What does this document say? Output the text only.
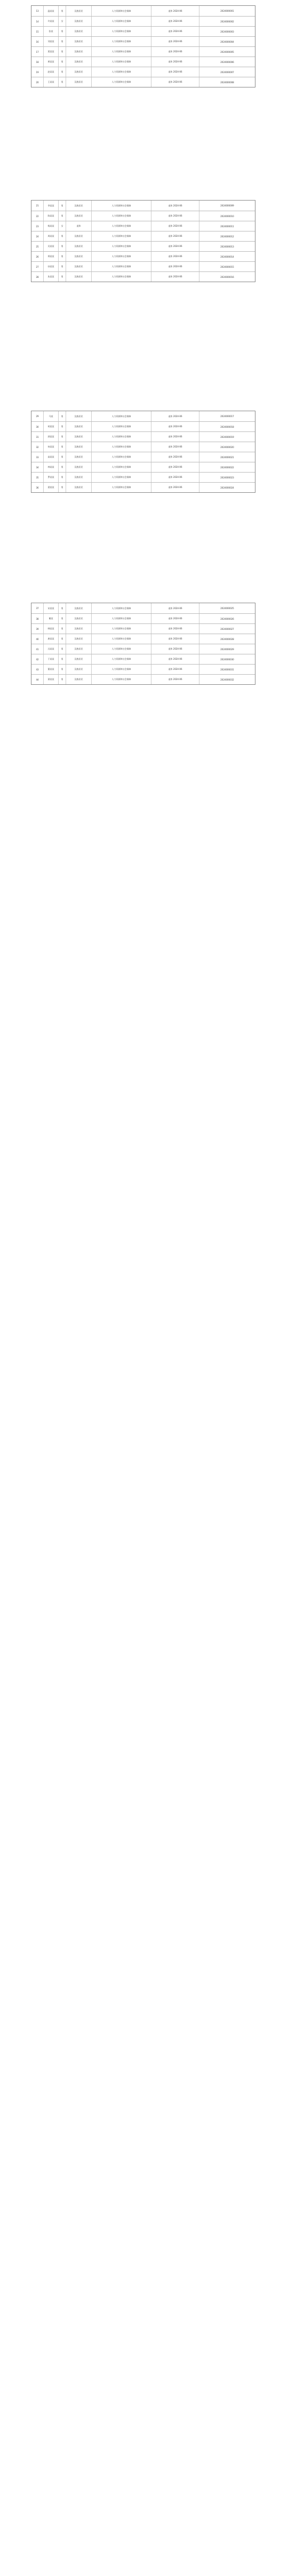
13	温某某	男	汉族居民	人力资源和社会保障	退休 2024-06	2024000001
14	许某某	女	汉族居民	人力资源和社会保障	退休 2024-06	2024000002
15	张某	男	汉族居民	人力资源和社会保障	退休 2024-06	2024000003
16	刘某某	男	汉族居民	人力资源和社会保障	退休 2024-06	2024000004
17	贾某某	男	汉族居民	人力资源和社会保障	退休 2024-06	2024000005
18	黄某某	男	汉族居民	人力资源和社会保障	退休 2024-06	2024000006
19	赵某某	男	汉族居民	人力资源和社会保障	退休 2024-06	2024000007
20	王某某	男	汉族居民	人力资源和社会保障	退休 2024-06	2024000008
21	李某某	男	汉族居民	人力资源和社会保障	退休 2024-06	2024000009
22	陈某某	男	汉族居民	人力资源和社会保障	退休 2024-06	2024000010
23	杨某某	女	退休	人力资源和社会保障	退休 2024-06	2024000011
24	周某某	男	汉族居民	人力资源和社会保障	退休 2024-06	2024000012
25	吴某某	男	汉族居民	人力资源和社会保障	退休 2024-06	2024000013
26	郑某某	男	汉族居民	人力资源和社会保障	退休 2024-06	2024000014
27	孙某某	男	汉族居民	人力资源和社会保障	退休 2024-06	2024000015
28	朱某某	男	汉族居民	人力资源和社会保障	退休 2024-06	2024000016
29	马某	男	汉族居民	人力资源和社会保障	退休 2024-06	2024000017
30	胡某某	男	汉族居民	人力资源和社会保障	退休 2024-06	2024000018
31	郭某某	男	汉族居民	人力资源和社会保障	退休 2024-06	2024000019
32	何某某	男	汉族居民	人力资源和社会保障	退休 2024-06	2024000020
33	高某某	男	汉族居民	人力资源和社会保障	退休 2024-06	2024000021
34	林某某	男	汉族居民	人力资源和社会保障	退休 2024-06	2024000022
35	罗某某	男	汉族居民	人力资源和社会保障	退休 2024-06	2024000023
36	梁某某	男	汉族居民	人力资源和社会保障	退休 2024-06	2024000024
37	宋某某	男	汉族居民	人力资源和社会保障	退休 2024-06	2024000025
38	谢某	男	汉族居民	人力资源和社会保障	退休 2024-06	2024000026
39	韩某某	男	汉族居民	人力资源和社会保障	退休 2024-06	2024000027
40	唐某某	男	汉族居民	人力资源和社会保障	退休 2024-06	2024000028
41	冯某某	男	汉族居民	人力资源和社会保障	退休 2024-06	2024000029
42	于某某	男	汉族居民	人力资源和社会保障	退休 2024-06	2024000030
43	董某某	男	汉族居民	人力资源和社会保障	退休 2024-06	2024000031
44	萧某某	男	汉族居民	人力资源和社会保障	退休 2024-06	2024000032
